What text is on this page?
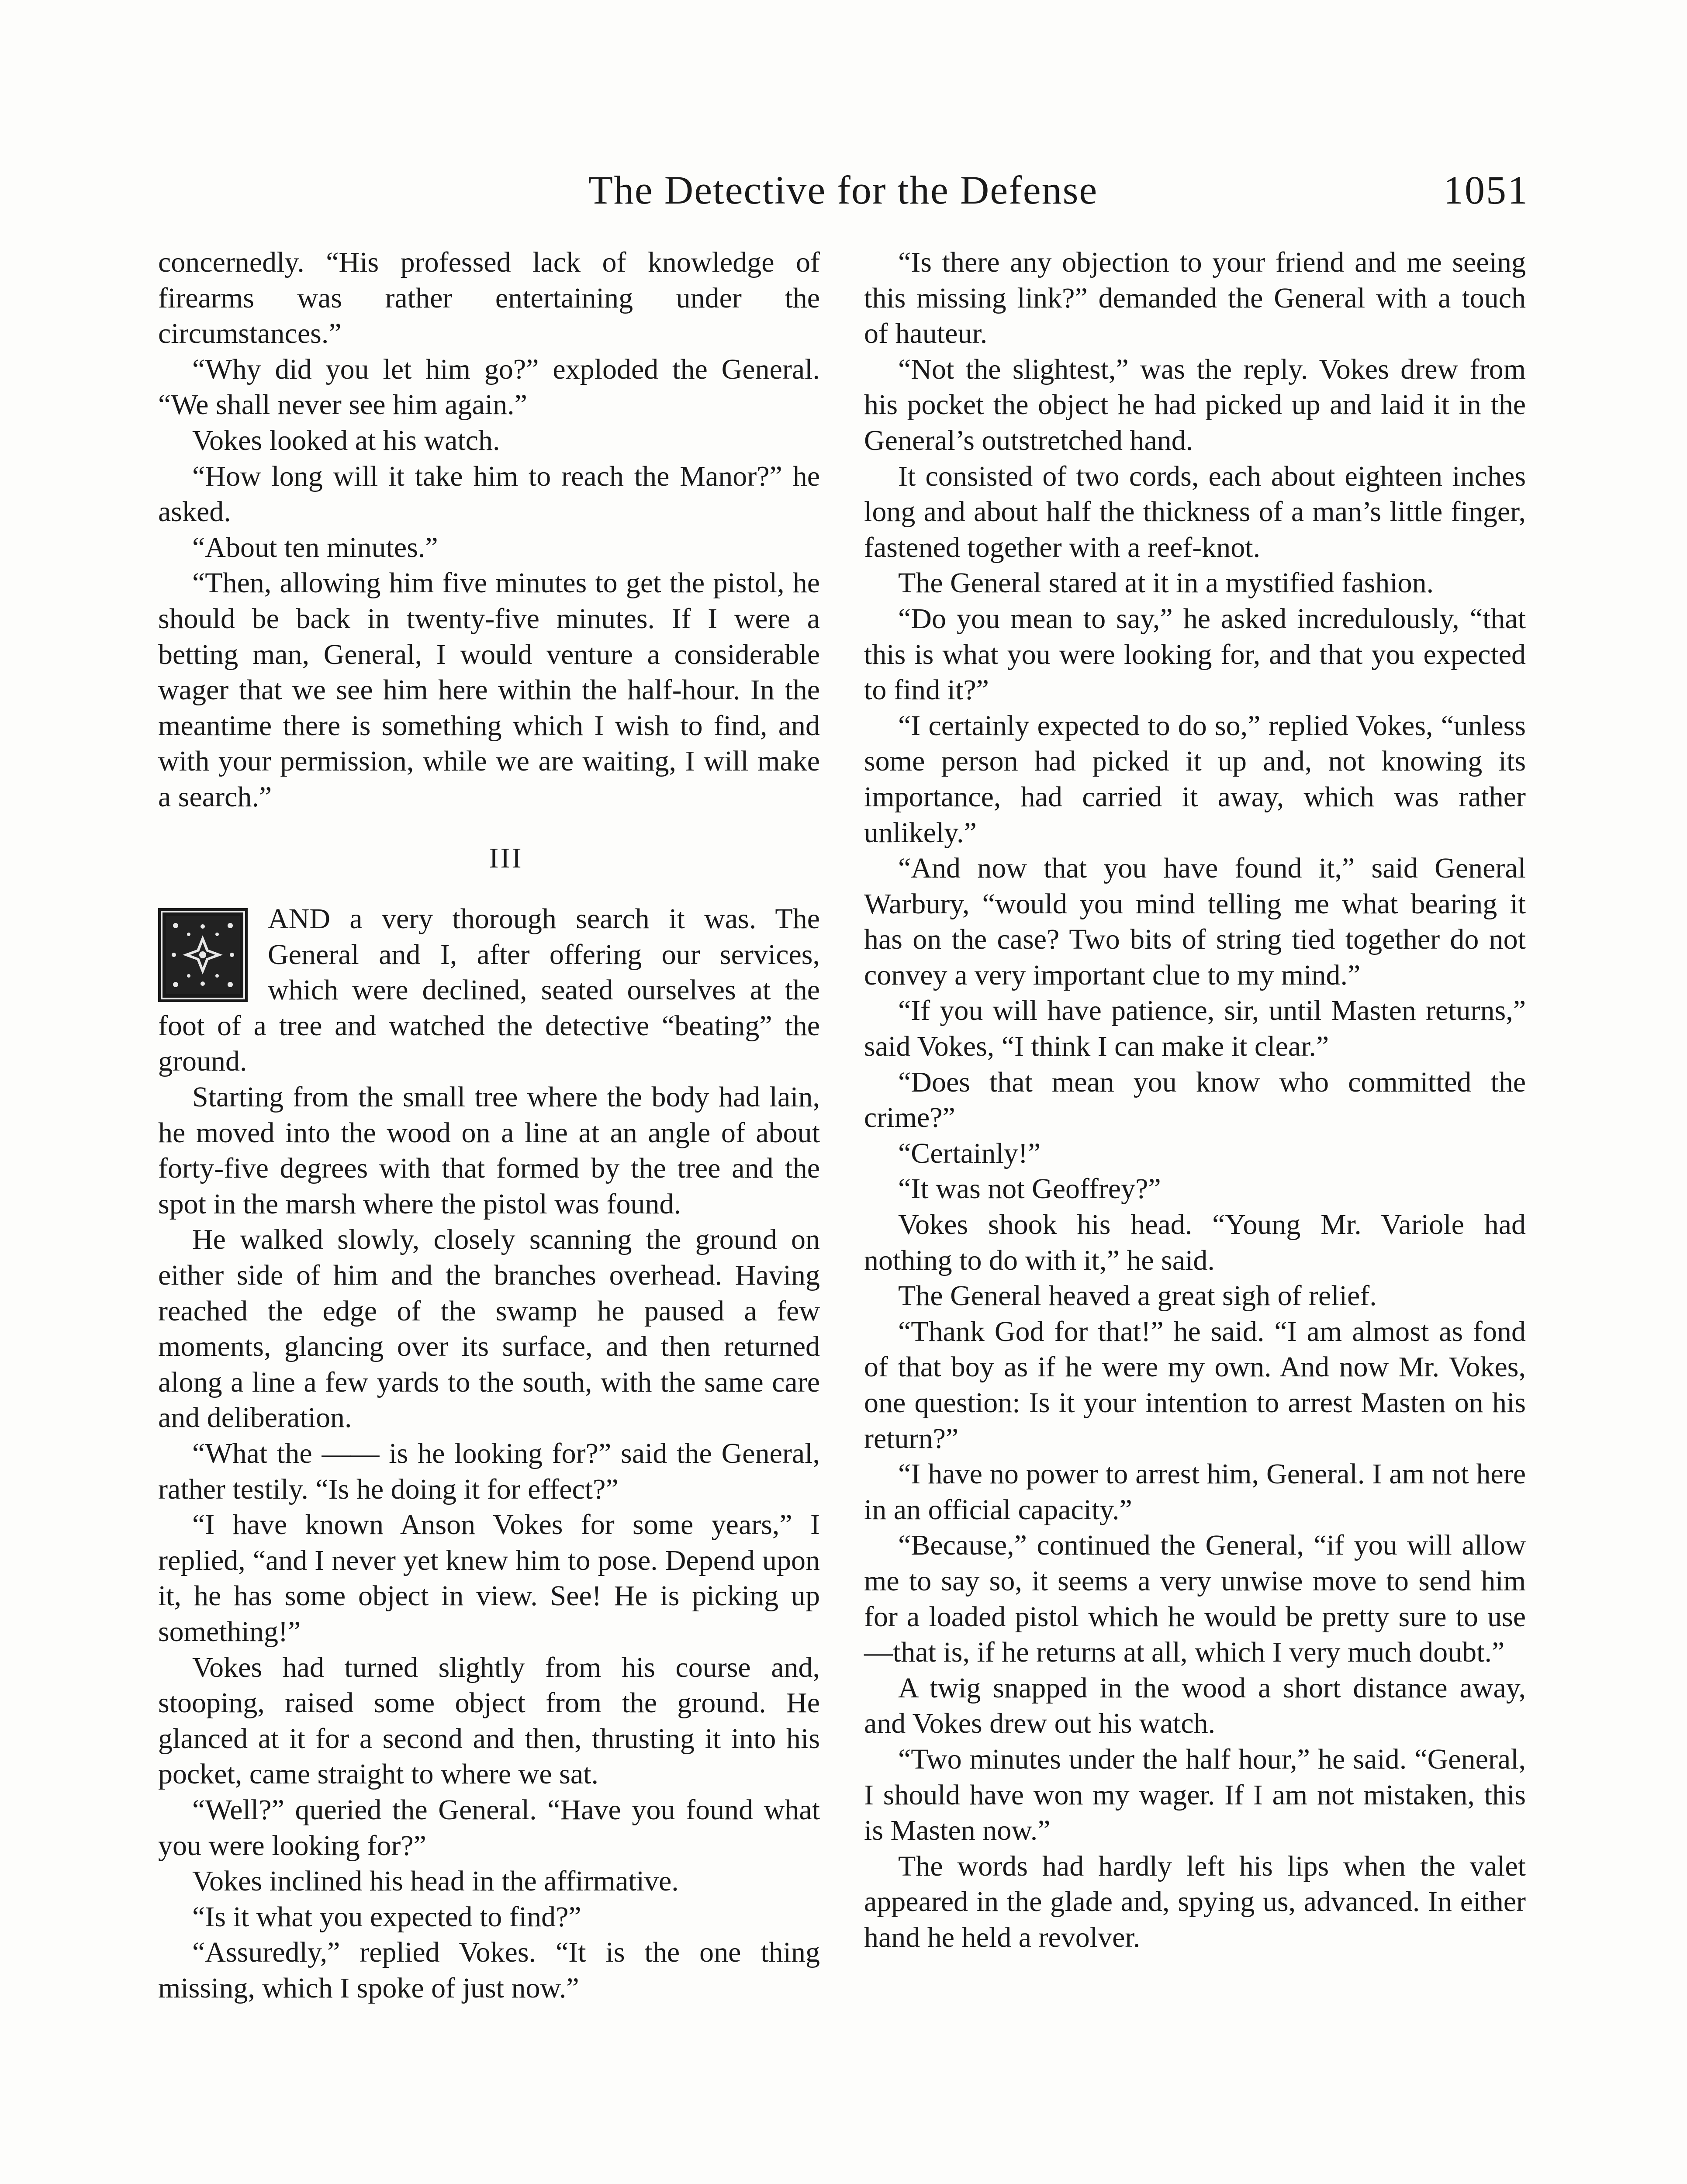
The Detective for the Defense	1051

concernedly. “His professed lack of knowledge of firearms was rather entertaining under the circumstances.”

“Why did you let him go?” exploded the General. “We shall never see him again.”

Vokes looked at his watch.

“How long will it take him to reach the Manor?” he asked.

“About ten minutes.”

“Then, allowing him five minutes to get the pistol, he should be back in twenty-five minutes. If I were a betting man, General, I would venture a considerable wager that we see him here within the half-hour. In the meantime there is something which I wish to find, and with your permission, while we are waiting, I will make a search.”

III

AND a very thorough search it was. The General and I, after offering our services, which were declined, seated ourselves at the foot of a tree and watched the detective “beating” the ground.

Starting from the small tree where the body had lain, he moved into the wood on a line at an angle of about forty-five degrees with that formed by the tree and the spot in the marsh where the pistol was found.

He walked slowly, closely scanning the ground on either side of him and the branches overhead. Having reached the edge of the swamp he paused a few moments, glancing over its surface, and then returned along a line a few yards to the south, with the same care and deliberation.

“What the —— is he looking for?” said the General, rather testily. “Is he doing it for effect?”

“I have known Anson Vokes for some years,” I replied, “and I never yet knew him to pose. Depend upon it, he has some object in view. See! He is picking up something!”

Vokes had turned slightly from his course and, stooping, raised some object from the ground. He glanced at it for a second and then, thrusting it into his pocket, came straight to where we sat.

“Well?” queried the General. “Have you found what you were looking for?”

Vokes inclined his head in the affirmative.

“Is it what you expected to find?”

“Assuredly,” replied Vokes. “It is the one thing missing, which I spoke of just now.”

“Is there any objection to your friend and me seeing this missing link?” demanded the General with a touch of hauteur.

“Not the slightest,” was the reply. Vokes drew from his pocket the object he had picked up and laid it in the General’s outstretched hand.

It consisted of two cords, each about eighteen inches long and about half the thickness of a man’s little finger, fastened together with a reef-knot.

The General stared at it in a mystified fashion.

“Do you mean to say,” he asked incredulously, “that this is what you were looking for, and that you expected to find it?”

“I certainly expected to do so,” replied Vokes, “unless some person had picked it up and, not knowing its importance, had carried it away, which was rather unlikely.”

“And now that you have found it,” said General Warbury, “would you mind telling me what bearing it has on the case? Two bits of string tied together do not convey a very important clue to my mind.”

“If you will have patience, sir, until Masten returns,” said Vokes, “I think I can make it clear.”

“Does that mean you know who committed the crime?”

“Certainly!”

“It was not Geoffrey?”

Vokes shook his head. “Young Mr. Variole had nothing to do with it,” he said.

The General heaved a great sigh of relief.

“Thank God for that!” he said. “I am almost as fond of that boy as if he were my own. And now Mr. Vokes, one question: Is it your intention to arrest Masten on his return?”

“I have no power to arrest him, General. I am not here in an official capacity.”

“Because,” continued the General, “if you will allow me to say so, it seems a very unwise move to send him for a loaded pistol which he would be pretty sure to use—that is, if he returns at all, which I very much doubt.”

A twig snapped in the wood a short distance away, and Vokes drew out his watch.

“Two minutes under the half hour,” he said. “General, I should have won my wager. If I am not mistaken, this is Masten now.”

The words had hardly left his lips when the valet appeared in the glade and, spying us, advanced. In either hand he held a revolver.
